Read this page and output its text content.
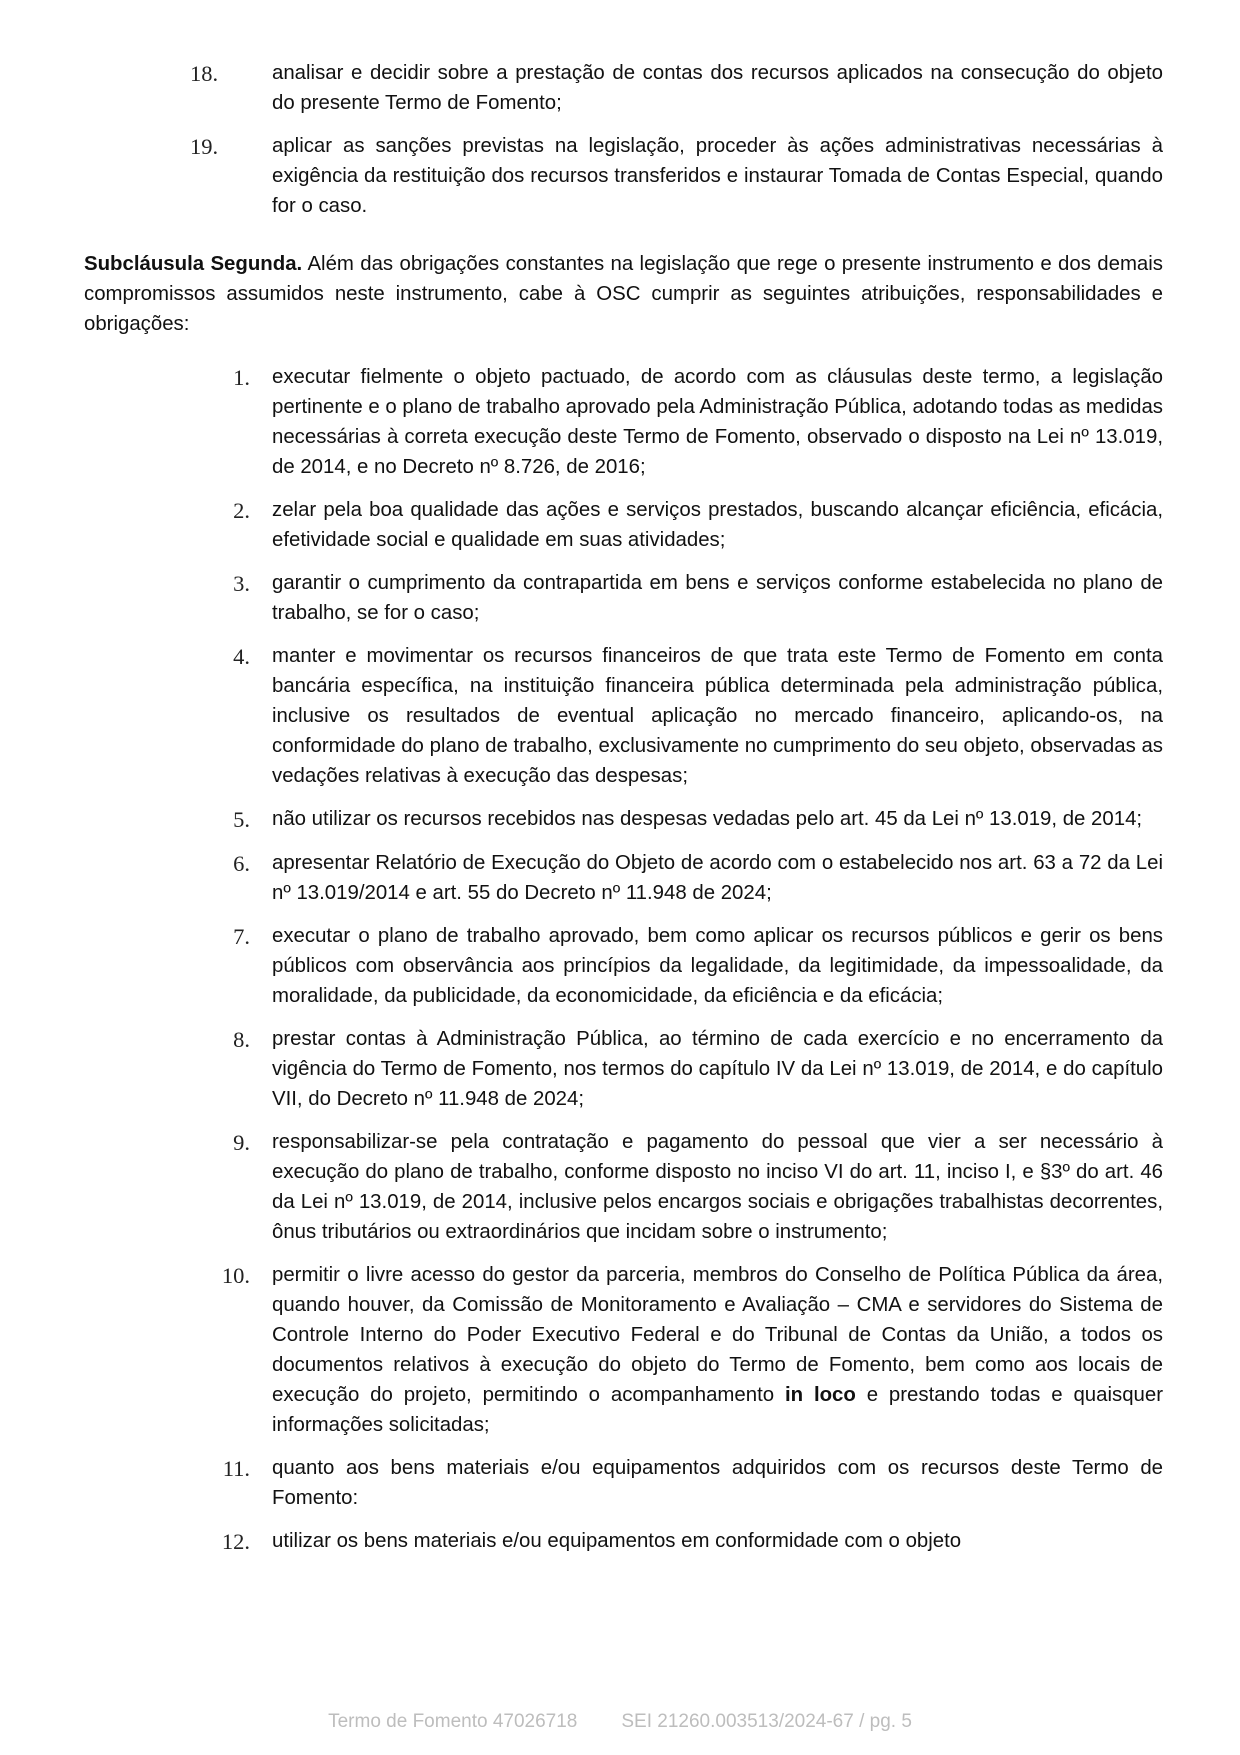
18.	analisar e decidir sobre a prestação de contas dos recursos aplicados na consecução do objeto do presente Termo de Fomento;
19.	aplicar as sanções previstas na legislação, proceder às ações administrativas necessárias à exigência da restituição dos recursos transferidos e instaurar Tomada de Contas Especial, quando for o caso.
Subcláusula Segunda. Além das obrigações constantes na legislação que rege o presente instrumento e dos demais compromissos assumidos neste instrumento, cabe à OSC cumprir as seguintes atribuições, responsabilidades e obrigações:
1.	executar fielmente o objeto pactuado, de acordo com as cláusulas deste termo, a legislação pertinente e o plano de trabalho aprovado pela Administração Pública, adotando todas as medidas necessárias à correta execução deste Termo de Fomento, observado o disposto na Lei nº 13.019, de 2014, e no Decreto nº 8.726, de 2016;
2.	zelar pela boa qualidade das ações e serviços prestados, buscando alcançar eficiência, eficácia, efetividade social e qualidade em suas atividades;
3.	garantir o cumprimento da contrapartida em bens e serviços conforme estabelecida no plano de trabalho, se for o caso;
4.	manter e movimentar os recursos financeiros de que trata este Termo de Fomento em conta bancária específica, na instituição financeira pública determinada pela administração pública, inclusive os resultados de eventual aplicação no mercado financeiro, aplicando-os, na conformidade do plano de trabalho, exclusivamente no cumprimento do seu objeto, observadas as vedações relativas à execução das despesas;
5.	não utilizar os recursos recebidos nas despesas vedadas pelo art. 45 da Lei nº 13.019, de 2014;
6.	apresentar Relatório de Execução do Objeto de acordo com o estabelecido nos art. 63 a 72 da Lei nº 13.019/2014 e art. 55 do Decreto nº 11.948 de 2024;
7.	executar o plano de trabalho aprovado, bem como aplicar os recursos públicos e gerir os bens públicos com observância aos princípios da legalidade, da legitimidade, da impessoalidade, da moralidade, da publicidade, da economicidade, da eficiência e da eficácia;
8.	prestar contas à Administração Pública, ao término de cada exercício e no encerramento da vigência do Termo de Fomento, nos termos do capítulo IV da Lei nº 13.019, de 2014, e do capítulo VII, do Decreto nº 11.948 de 2024;
9.	responsabilizar-se pela contratação e pagamento do pessoal que vier a ser necessário à execução do plano de trabalho, conforme disposto no inciso VI do art. 11, inciso I, e §3º do art. 46 da Lei nº 13.019, de 2014, inclusive pelos encargos sociais e obrigações trabalhistas decorrentes, ônus tributários ou extraordinários que incidam sobre o instrumento;
10.	permitir o livre acesso do gestor da parceria, membros do Conselho de Política Pública da área, quando houver, da Comissão de Monitoramento e Avaliação – CMA e servidores do Sistema de Controle Interno do Poder Executivo Federal e do Tribunal de Contas da União, a todos os documentos relativos à execução do objeto do Termo de Fomento, bem como aos locais de execução do projeto, permitindo o acompanhamento in loco e prestando todas e quaisquer informações solicitadas;
11.	quanto aos bens materiais e/ou equipamentos adquiridos com os recursos deste Termo de Fomento:
12.	utilizar os bens materiais e/ou equipamentos em conformidade com o objeto
Termo de Fomento 47026718 SEI 21260.003513/2024-67 / pg. 5
